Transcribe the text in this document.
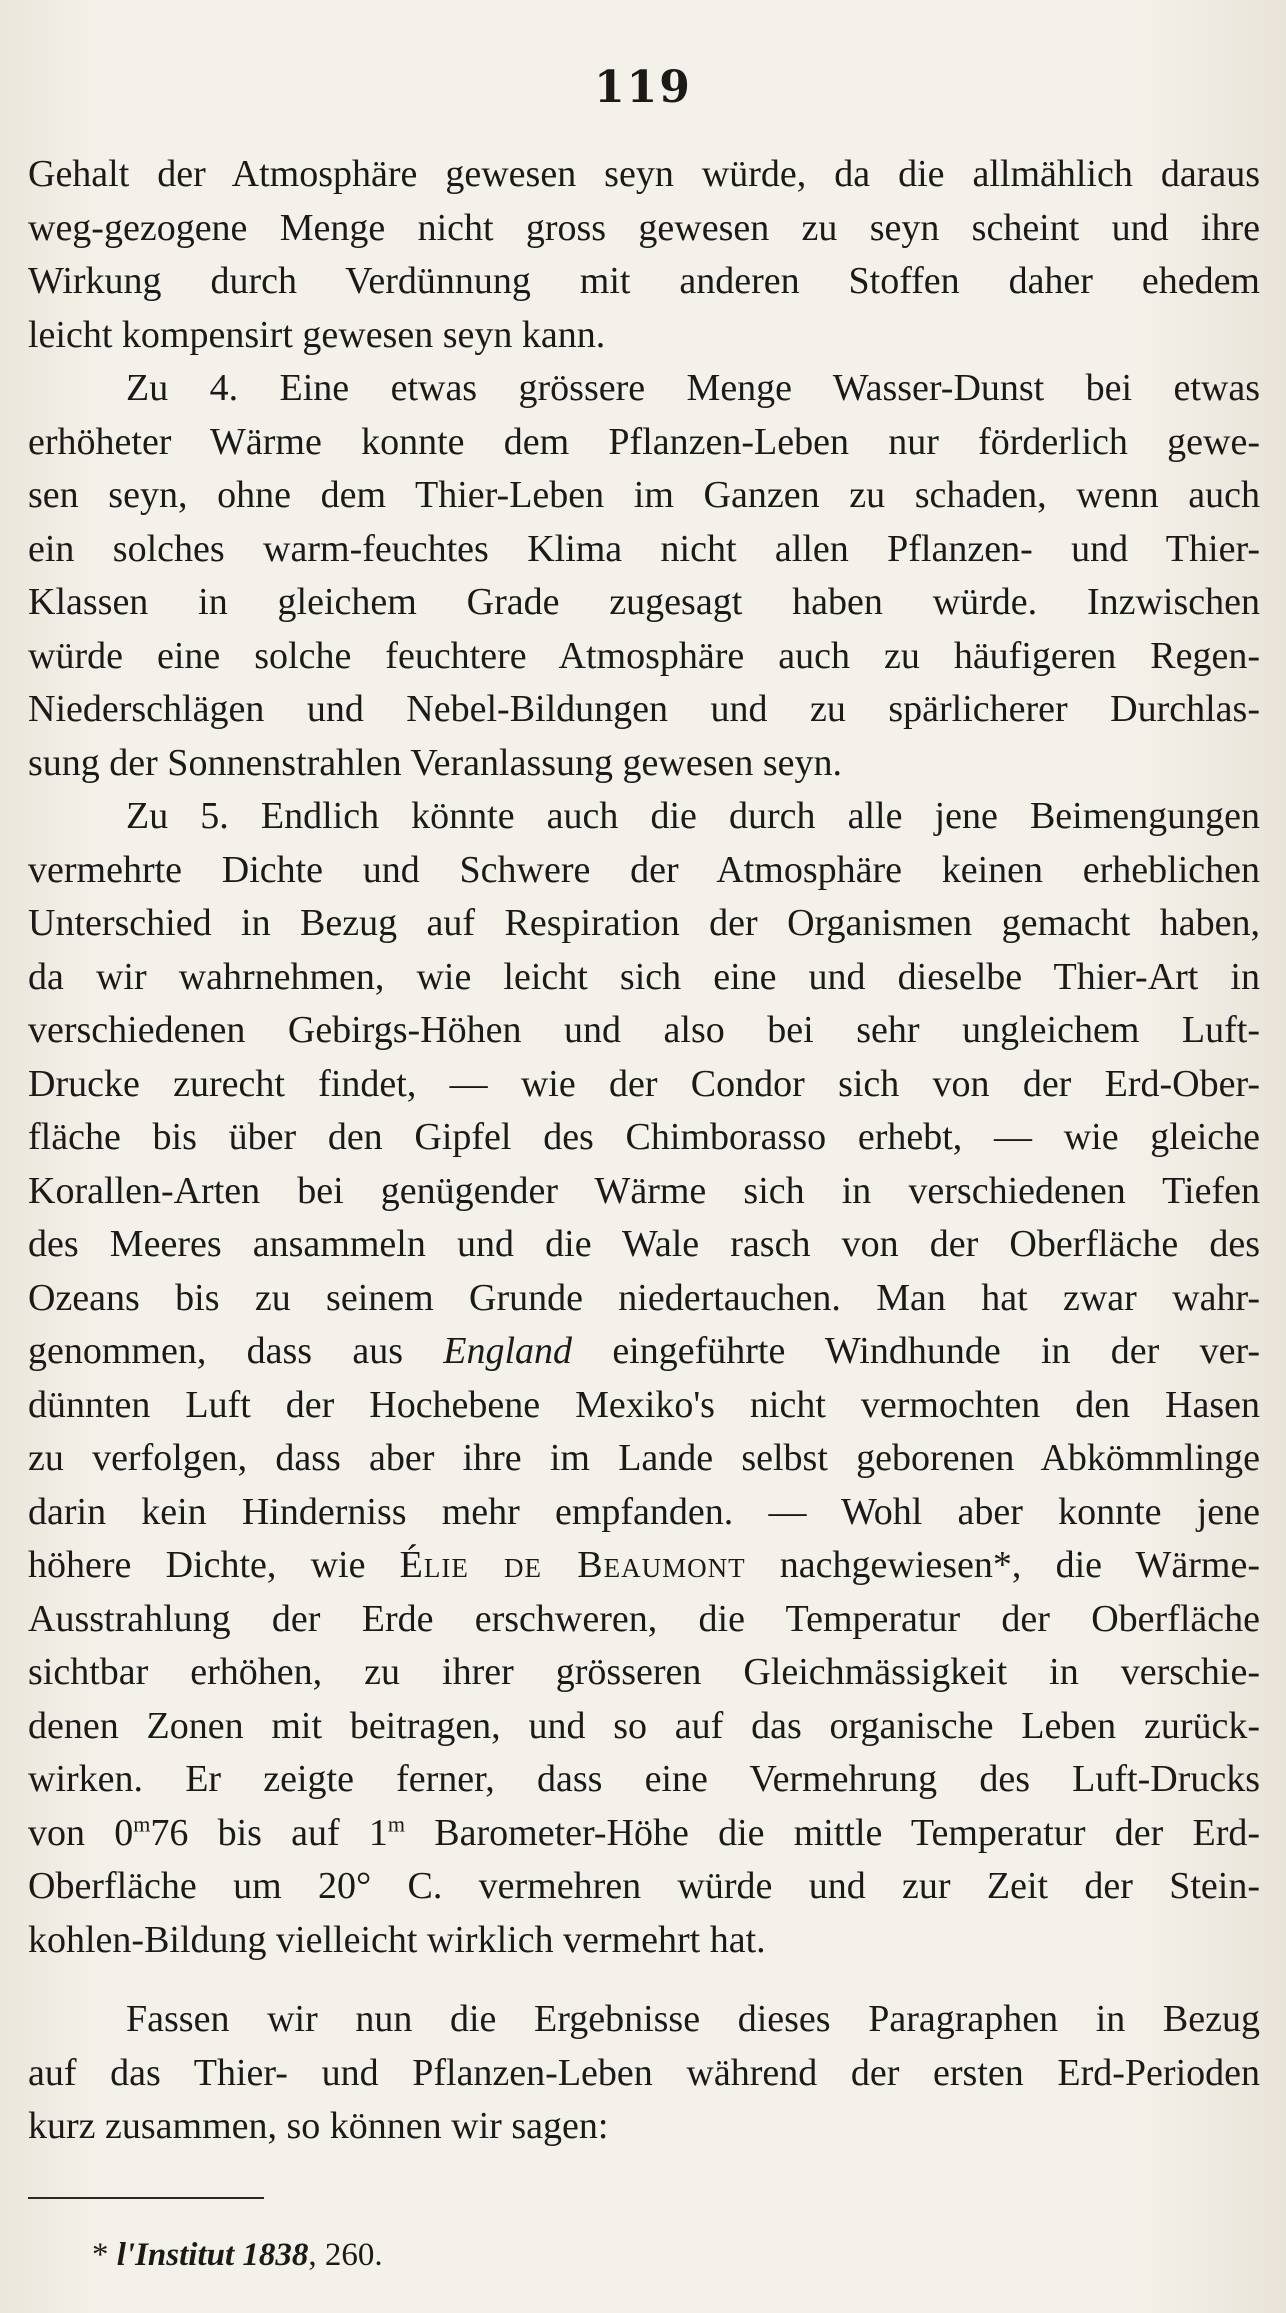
119
Gehalt der Atmosphäre gewesen seyn würde, da die allmählich daraus
weg-gezogene Menge nicht gross gewesen zu seyn scheint und ihre
Wirkung durch Verdünnung mit anderen Stoffen daher ehedem
leicht kompensirt gewesen seyn kann.
Zu 4. Eine etwas grössere Menge Wasser-Dunst bei etwas
erhöheter Wärme konnte dem Pflanzen-Leben nur förderlich gewe-
sen seyn, ohne dem Thier-Leben im Ganzen zu schaden, wenn auch
ein solches warm-feuchtes Klima nicht allen Pflanzen- und Thier-
Klassen in gleichem Grade zugesagt haben würde. Inzwischen
würde eine solche feuchtere Atmosphäre auch zu häufigeren Regen-
Niederschlägen und Nebel-Bildungen und zu spärlicherer Durchlas-
sung der Sonnenstrahlen Veranlassung gewesen seyn.
Zu 5. Endlich könnte auch die durch alle jene Beimengungen
vermehrte Dichte und Schwere der Atmosphäre keinen erheblichen
Unterschied in Bezug auf Respiration der Organismen gemacht haben,
da wir wahrnehmen, wie leicht sich eine und dieselbe Thier-Art in
verschiedenen Gebirgs-Höhen und also bei sehr ungleichem Luft-
Drucke zurecht findet, — wie der Condor sich von der Erd-Ober-
fläche bis über den Gipfel des Chimborasso erhebt, — wie gleiche
Korallen-Arten bei genügender Wärme sich in verschiedenen Tiefen
des Meeres ansammeln und die Wale rasch von der Oberfläche des
Ozeans bis zu seinem Grunde niedertauchen. Man hat zwar wahr-
genommen, dass aus England eingeführte Windhunde in der ver-
dünnten Luft der Hochebene Mexiko's nicht vermochten den Hasen
zu verfolgen, dass aber ihre im Lande selbst geborenen Abkömmlinge
darin kein Hinderniss mehr empfanden. — Wohl aber konnte jene
höhere Dichte, wie Élie de Beaumont nachgewiesen*, die Wärme-
Ausstrahlung der Erde erschweren, die Temperatur der Oberfläche
sichtbar erhöhen, zu ihrer grösseren Gleichmässigkeit in verschie-
denen Zonen mit beitragen, und so auf das organische Leben zurück-
wirken. Er zeigte ferner, dass eine Vermehrung des Luft-Drucks
von 0$^m$76 bis auf 1$^m$ Barometer-Höhe die mittle Temperatur der Erd-
Oberfläche um 20° C. vermehren würde und zur Zeit der Stein-
kohlen-Bildung vielleicht wirklich vermehrt hat.
Fassen wir nun die Ergebnisse dieses Paragraphen in Bezug
auf das Thier- und Pflanzen-Leben während der ersten Erd-Perioden
kurz zusammen, so können wir sagen:
* l'Institut 1838, 260.
